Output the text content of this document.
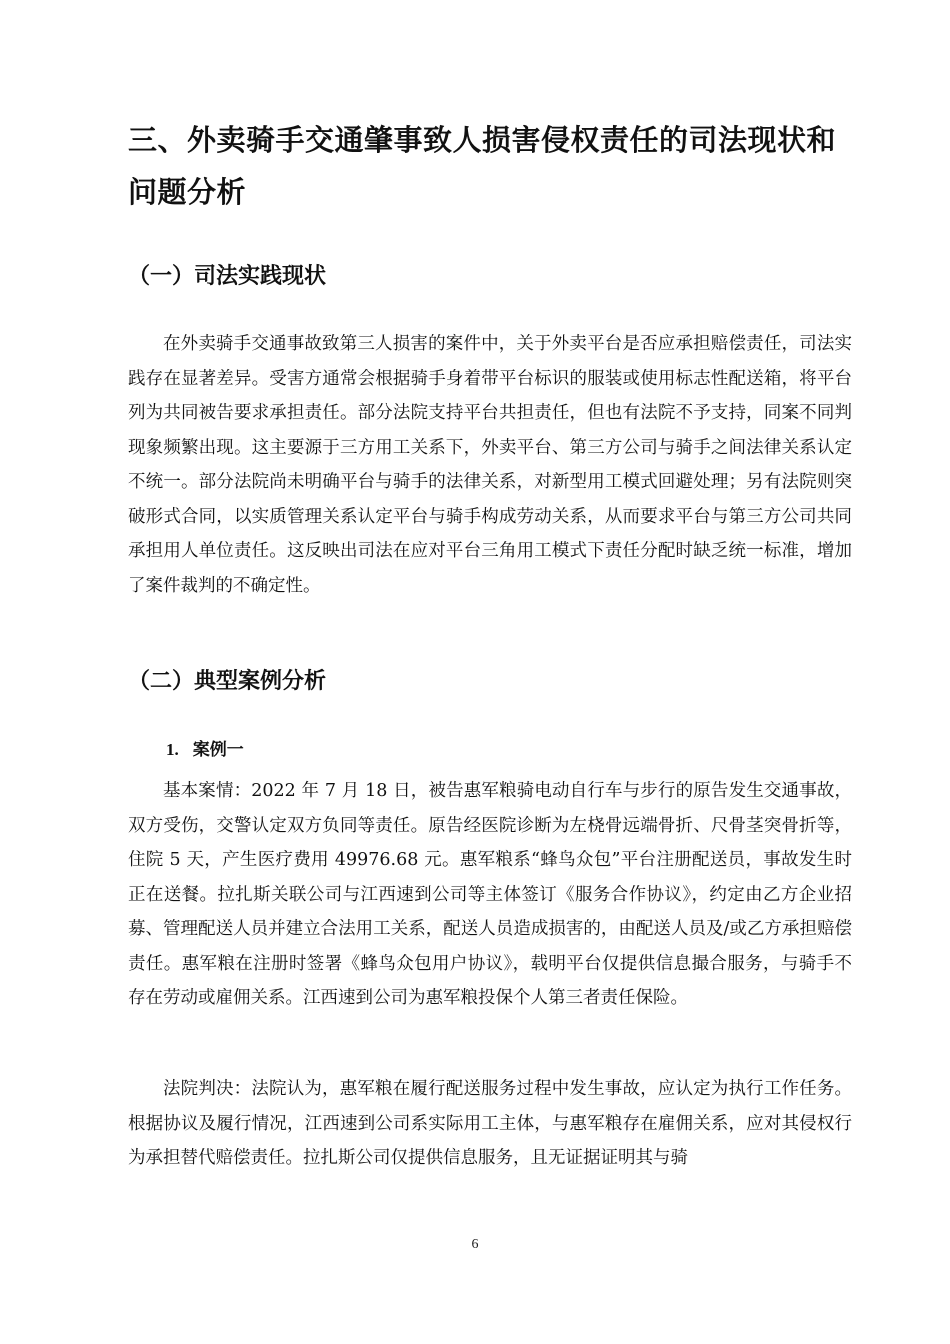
三、外卖骑手交通肇事致人损害侵权责任的司法现状和问题分析
（一）司法实践现状

在外卖骑手交通事故致第三人损害的案件中，关于外卖平台是否应承担赔偿责任，司法实践存在显著差异。受害方通常会根据骑手身着带平台标识的服装或使用标志性配送箱，将平台列为共同被告要求承担责任。部分法院支持平台共担责任，但也有法院不予支持，同案不同判现象频繁出现。这主要源于三方用工关系下，外卖平台、第三方公司与骑手之间法律关系认定不统一。部分法院尚未明确平台与骑手的法律关系，对新型用工模式回避处理；另有法院则突破形式合同，以实质管理关系认定平台与骑手构成劳动关系，从而要求平台与第三方公司共同承担用人单位责任。这反映出司法在应对平台三角用工模式下责任分配时缺乏统一标准，增加了案件裁判的不确定性。

（二）典型案例分析
1. 案例一

基本案情：2022 年 7 月 18 日，被告惠军粮骑电动自行车与步行的原告发生交通事故，双方受伤，交警认定双方负同等责任。原告经医院诊断为左桡骨远端骨折、尺骨茎突骨折等，住院 5 天，产生医疗费用 49976.68 元。惠军粮系“蜂鸟众包”平台注册配送员，事故发生时正在送餐。拉扎斯关联公司与江西速到公司等主体签订《服务合作协议》，约定由乙方企业招募、管理配送人员并建立合法用工关系，配送人员造成损害的，由配送人员及/或乙方承担赔偿责任。惠军粮在注册时签署《蜂鸟众包用户协议》，载明平台仅提供信息撮合服务，与骑手不存在劳动或雇佣关系。江西速到公司为惠军粮投保个人第三者责任保险。

法院判决：法院认为，惠军粮在履行配送服务过程中发生事故，应认定为执行工作任务。根据协议及履行情况，江西速到公司系实际用工主体，与惠军粮存在雇佣关系，应对其侵权行为承担替代赔偿责任。拉扎斯公司仅提供信息服务，且无证据证明其与骑

6
